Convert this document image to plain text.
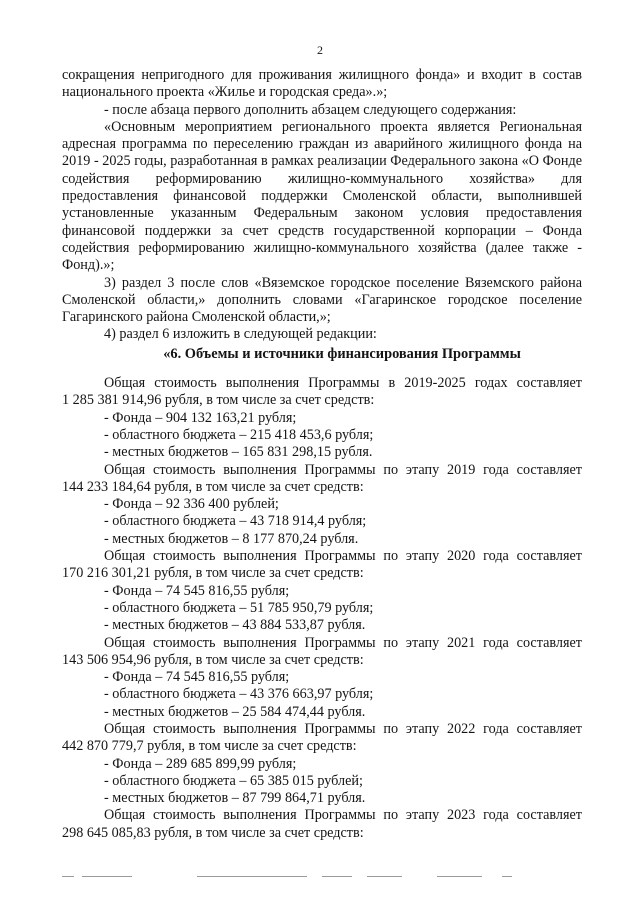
2

сокращения непригодного для проживания жилищного фонда» и входит в состав национального проекта «Жилье и городская среда».»;

- после абзаца первого дополнить абзацем следующего содержания:

«Основным мероприятием регионального проекта является Региональная адресная программа по переселению граждан из аварийного жилищного фонда на 2019 - 2025 годы, разработанная в рамках реализации Федерального закона «О Фонде содействия реформированию жилищно-коммунального хозяйства» для предоставления финансовой поддержки Смоленской области, выполнившей установленные указанным Федеральным законом условия предоставления финансовой поддержки за счет средств государственной корпорации – Фонда содействия реформированию жилищно-коммунального хозяйства (далее также - Фонд).»;

3) раздел 3 после слов «Вяземское городское поселение Вяземского района Смоленской области,» дополнить словами «Гагаринское городское поселение Гагаринского района Смоленской области,»;

4) раздел 6 изложить в следующей редакции:

«6. Объемы и источники финансирования Программы
Общая стоимость выполнения Программы в 2019-2025 годах составляет
1 285 381 914,96 рубля, в том числе за счет средств:

- Фонда – 904 132 163,21 рубля;

- областного бюджета – 215 418 453,6 рубля;

- местных бюджетов – 165 831 298,15 рубля.

Общая стоимость выполнения Программы по этапу 2019 года составляет
144 233 184,64 рубля, в том числе за счет средств:

- Фонда – 92 336 400 рублей;

- областного бюджета – 43 718 914,4 рубля;

- местных бюджетов – 8 177 870,24 рубля.

Общая стоимость выполнения Программы по этапу 2020 года составляет
170 216 301,21 рубля, в том числе за счет средств:

- Фонда – 74 545 816,55 рубля;

- областного бюджета – 51 785 950,79 рубля;

- местных бюджетов – 43 884 533,87 рубля.

Общая стоимость выполнения Программы по этапу 2021 года составляет
143 506 954,96 рубля, в том числе за счет средств:

- Фонда – 74 545 816,55 рубля;

- областного бюджета – 43 376 663,97 рубля;

- местных бюджетов – 25 584 474,44 рубля.

Общая стоимость выполнения Программы по этапу 2022 года составляет
442 870 779,7 рубля, в том числе за счет средств:

- Фонда – 289 685 899,99 рубля;

- областного бюджета – 65 385 015 рублей;

- местных бюджетов – 87 799 864,71 рубля.

Общая стоимость выполнения Программы по этапу 2023 года составляет
298 645 085,83 рубля, в том числе за счет средств:
